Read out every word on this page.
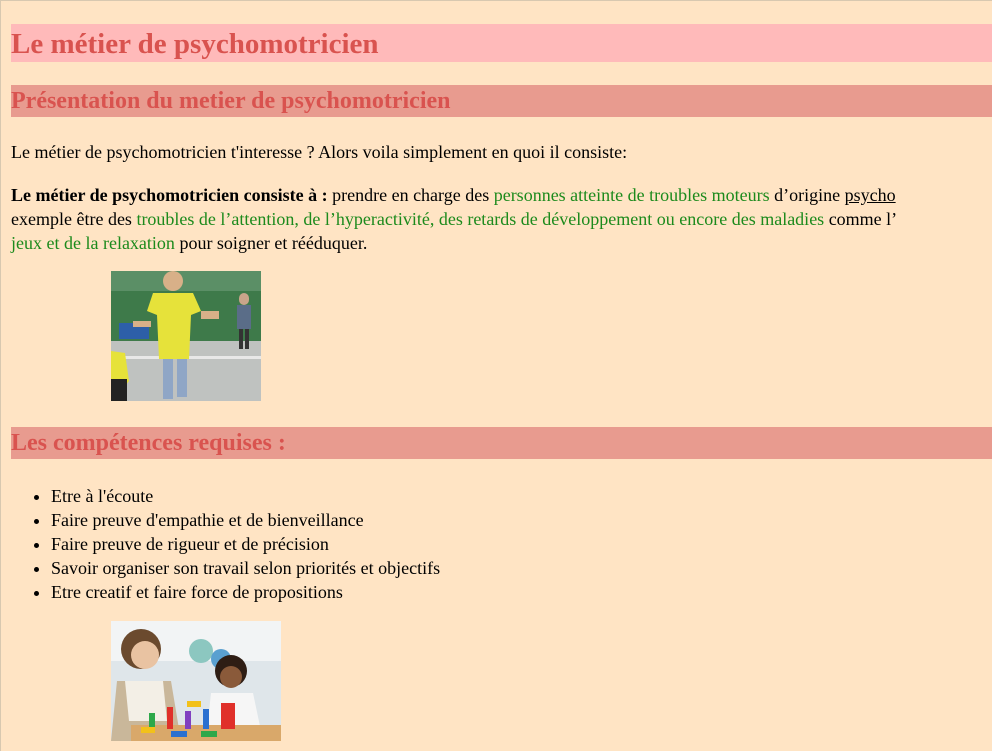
Le métier de psychomotricien
Présentation du metier de psychomotricien

Le métier de psychomotricien t'interesse ? Alors voila simplement en quoi il consiste:

Le métier de psychomotricien consiste à : prendre en charge des personnes atteinte de troubles moteurs d’origine psycho
exemple être des troubles de l’attention, de l’hyperactivité, des retards de développement ou encore des maladies comme l’
jeux et de la relaxation pour soigner et rééduquer.

Les compétences requises :
• Etre à l'écoute
• Faire preuve d'empathie et de bienveillance
• Faire preuve de rigueur et de précision
• Savoir organiser son travail selon priorités et objectifs
• Etre creatif et faire force de propositions
